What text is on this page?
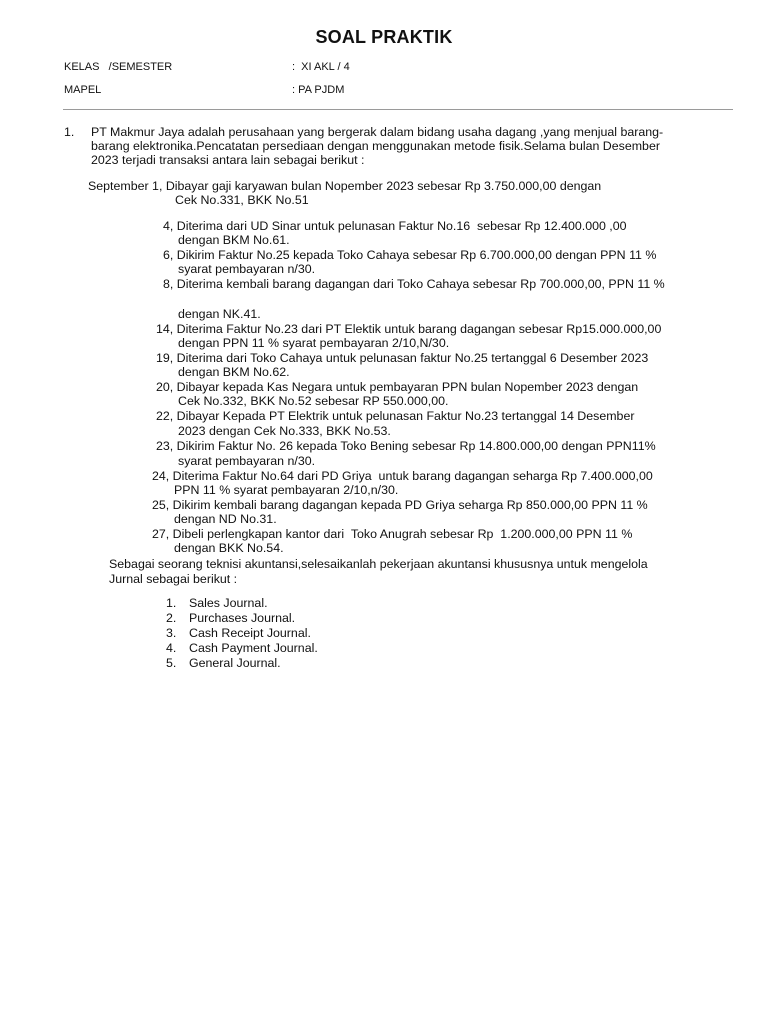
SOAL PRAKTIK
KELAS   /SEMESTER	:  XI AKL / 4
MAPEL	: PA PJDM
1. PT Makmur Jaya adalah perusahaan yang bergerak dalam bidang usaha dagang ,yang menjual barang-
barang elektronika.Pencatatan persediaan dengan menggunakan metode fisik.Selama bulan Desember
2023 terjadi transaksi antara lain sebagai berikut :
September 1, Dibayar gaji karyawan bulan Nopember 2023 sebesar Rp 3.750.000,00 dengan
Cek No.331, BKK No.51
4, Diterima dari UD Sinar untuk pelunasan Faktur No.16  sebesar Rp 12.400.000 ,00
dengan BKM No.61.
6, Dikirim Faktur No.25 kepada Toko Cahaya sebesar Rp 6.700.000,00 dengan PPN 11 %
syarat pembayaran n/30.
8, Diterima kembali barang dagangan dari Toko Cahaya sebesar Rp 700.000,00, PPN 11 %
dengan NK.41.
14, Diterima Faktur No.23 dari PT Elektik untuk barang dagangan sebesar Rp15.000.000,00
dengan PPN 11 % syarat pembayaran 2/10,N/30.
19, Diterima dari Toko Cahaya untuk pelunasan faktur No.25 tertanggal 6 Desember 2023
dengan BKM No.62.
20, Dibayar kepada Kas Negara untuk pembayaran PPN bulan Nopember 2023 dengan
Cek No.332, BKK No.52 sebesar RP 550.000,00.
22, Dibayar Kepada PT Elektrik untuk pelunasan Faktur No.23 tertanggal 14 Desember
2023 dengan Cek No.333, BKK No.53.
23, Dikirim Faktur No. 26 kepada Toko Bening sebesar Rp 14.800.000,00 dengan PPN11%
syarat pembayaran n/30.
24, Diterima Faktur No.64 dari PD Griya  untuk barang dagangan seharga Rp 7.400.000,00
PPN 11 % syarat pembayaran 2/10,n/30.
25, Dikirim kembali barang dagangan kepada PD Griya seharga Rp 850.000,00 PPN 11 %
dengan ND No.31.
27, Dibeli perlengkapan kantor dari  Toko Anugrah sebesar Rp  1.200.000,00 PPN 11 %
dengan BKK No.54.
Sebagai seorang teknisi akuntansi,selesaikanlah pekerjaan akuntansi khususnya untuk mengelola
Jurnal sebagai berikut :
1. Sales Journal.
2. Purchases Journal.
3. Cash Receipt Journal.
4. Cash Payment Journal.
5. General Journal.
